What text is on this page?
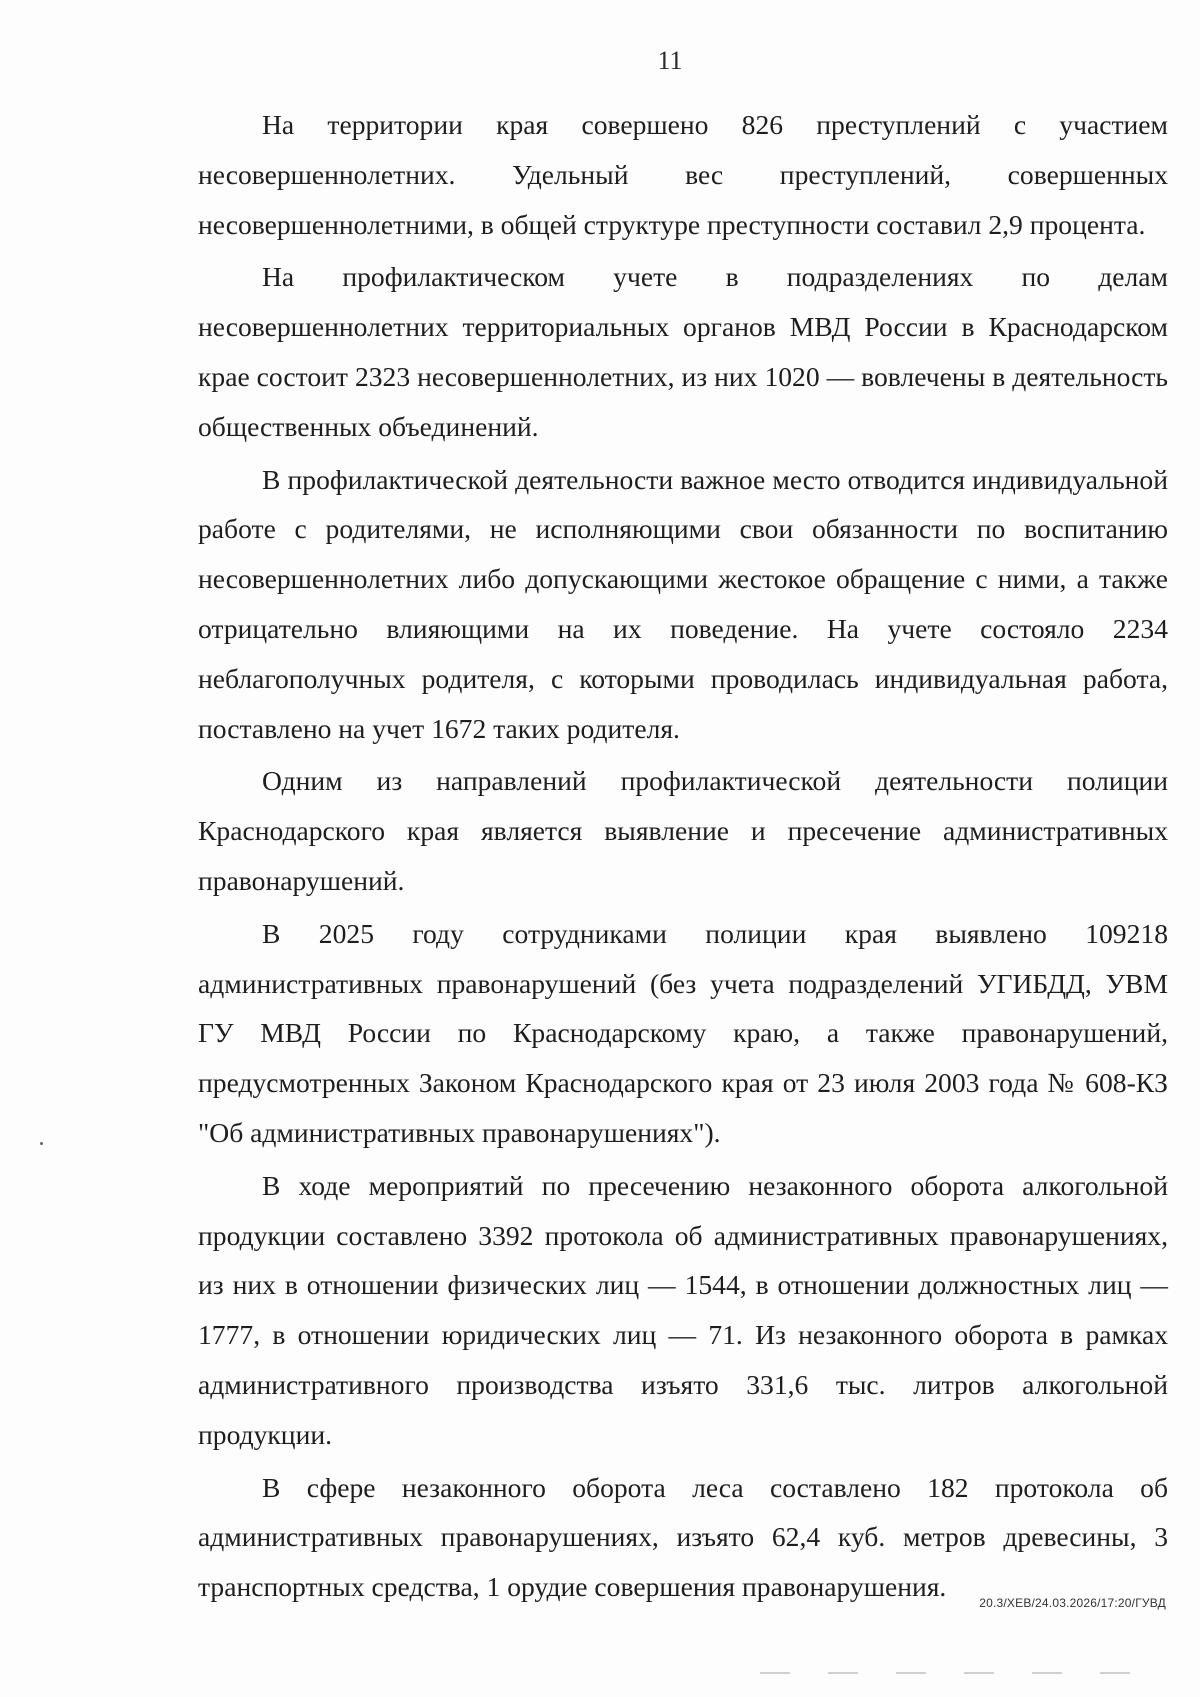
11

На территории края совершено 826 преступлений с участием несовершеннолетних. Удельный вес преступлений, совершенных несовершеннолетними, в общей структуре преступности составил 2,9 процента.

На профилактическом учете в подразделениях по делам несовершеннолетних территориальных органов МВД России в Краснодарском крае состоит 2323 несовершеннолетних, из них 1020 — вовлечены в деятельность общественных объединений.

В профилактической деятельности важное место отводится индивидуальной работе с родителями, не исполняющими свои обязанности по воспитанию несовершеннолетних либо допускающими жестокое обращение с ними, а также отрицательно влияющими на их поведение. На учете состояло 2234 неблагополучных родителя, с которыми проводилась индивидуальная работа, поставлено на учет 1672 таких родителя.

Одним из направлений профилактической деятельности полиции Краснодарского края является выявление и пресечение административных правонарушений.

В 2025 году сотрудниками полиции края выявлено 109218 административных правонарушений (без учета подразделений УГИБДД, УВМ ГУ МВД России по Краснодарскому краю, а также правонарушений, предусмотренных Законом Краснодарского края от 23 июля 2003 года № 608-КЗ "Об административных правонарушениях").

В ходе мероприятий по пресечению незаконного оборота алкогольной продукции составлено 3392 протокола об административных правонарушениях, из них в отношении физических лиц — 1544, в отношении должностных лиц — 1777, в отношении юридических лиц — 71. Из незаконного оборота в рамках административного производства изъято 331,6 тыс. литров алкогольной продукции.

В сфере незаконного оборота леса составлено 182 протокола об административных правонарушениях, изъято 62,4 куб. метров древесины, 3 транспортных средства, 1 орудие совершения правонарушения.

20.3/ХЕВ/24.03.2026/17:20/ГУВД
